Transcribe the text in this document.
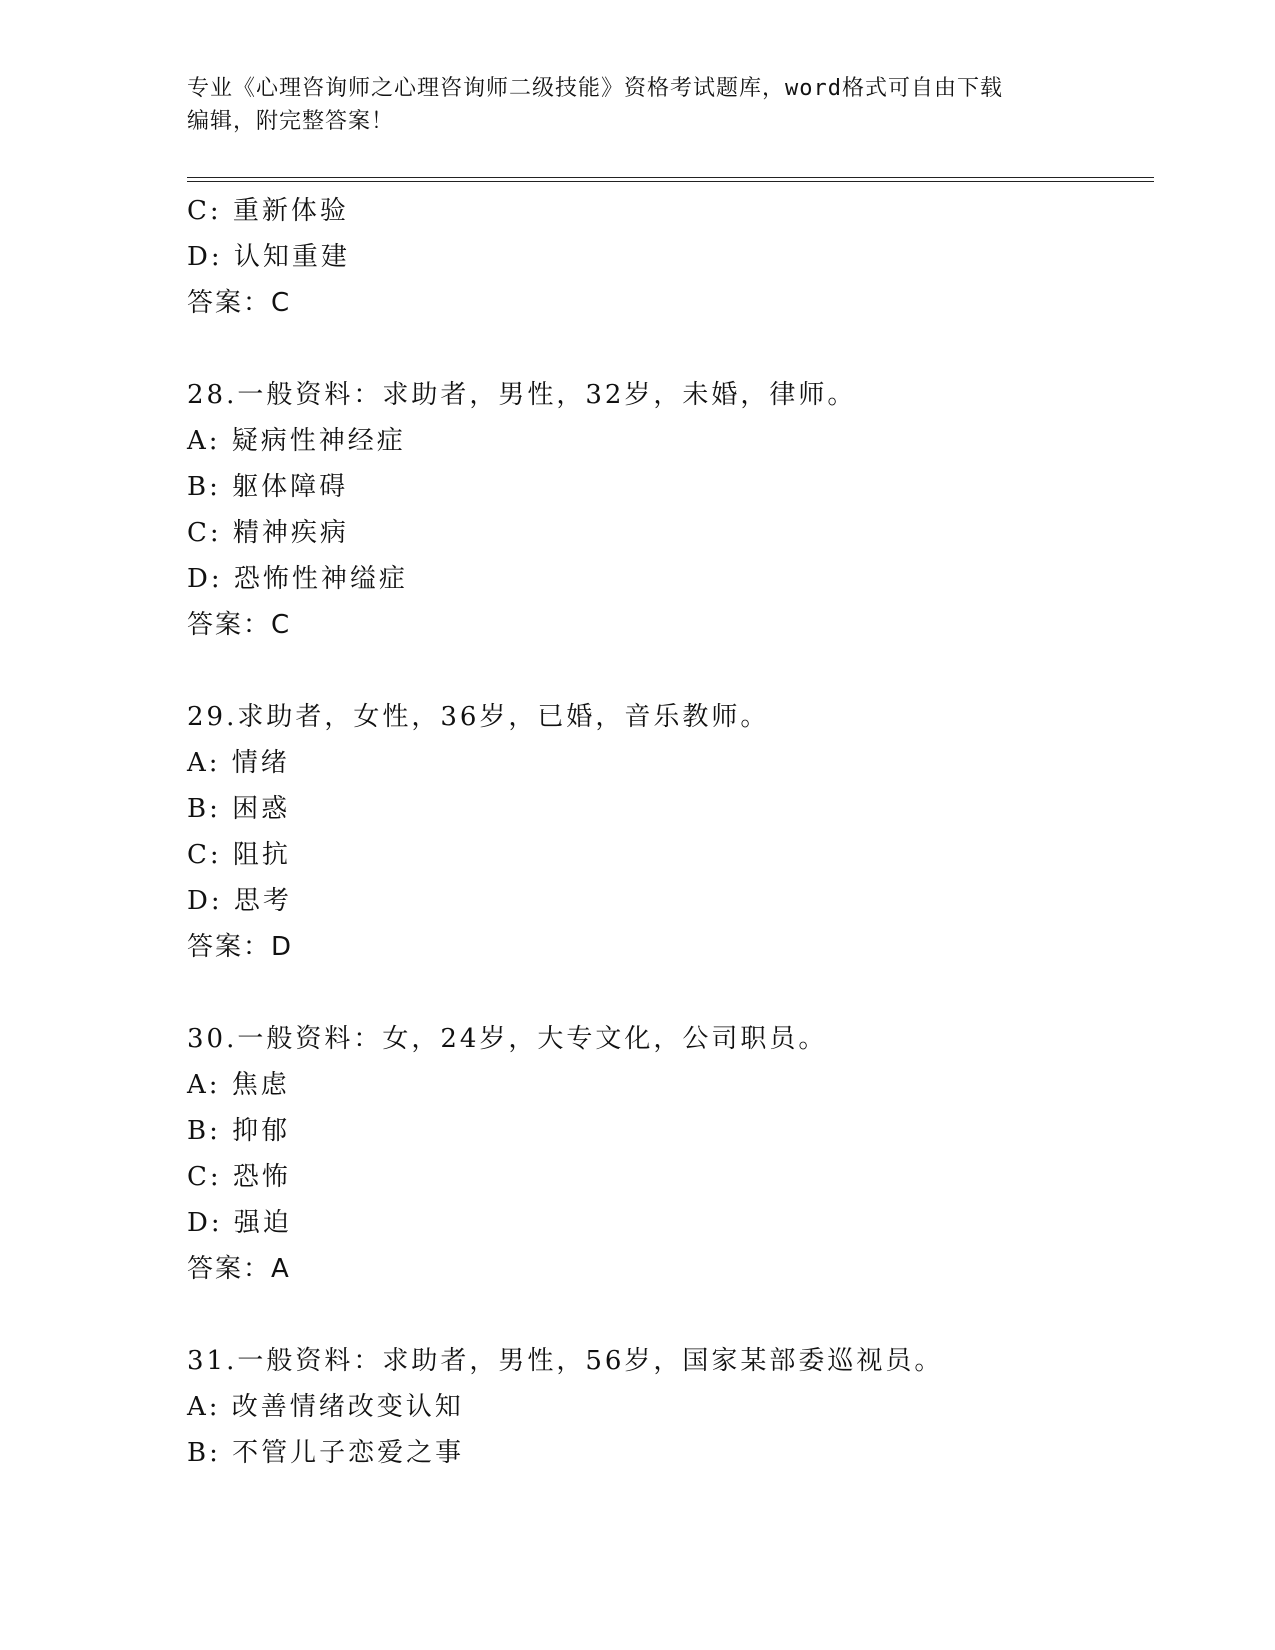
专业《心理咨询师之心理咨询师二级技能》资格考试题库，word格式可自由下载
编辑，附完整答案！
C: 重新体验
D: 认知重建
答案：C
28.一般资料：求助者，男性，32岁，未婚，律师。
A: 疑病性神经症
B: 躯体障碍
C: 精神疾病
D: 恐怖性神缢症
答案：C
29.求助者，女性，36岁，已婚，音乐教师。
A: 情绪
B: 困惑
C: 阻抗
D: 思考
答案：D
30.一般资料：女，24岁，大专文化，公司职员。
A: 焦虑
B: 抑郁
C: 恐怖
D: 强迫
答案：A
31.一般资料：求助者，男性，56岁，国家某部委巡视员。
A: 改善情绪改变认知
B: 不管儿子恋爱之事
